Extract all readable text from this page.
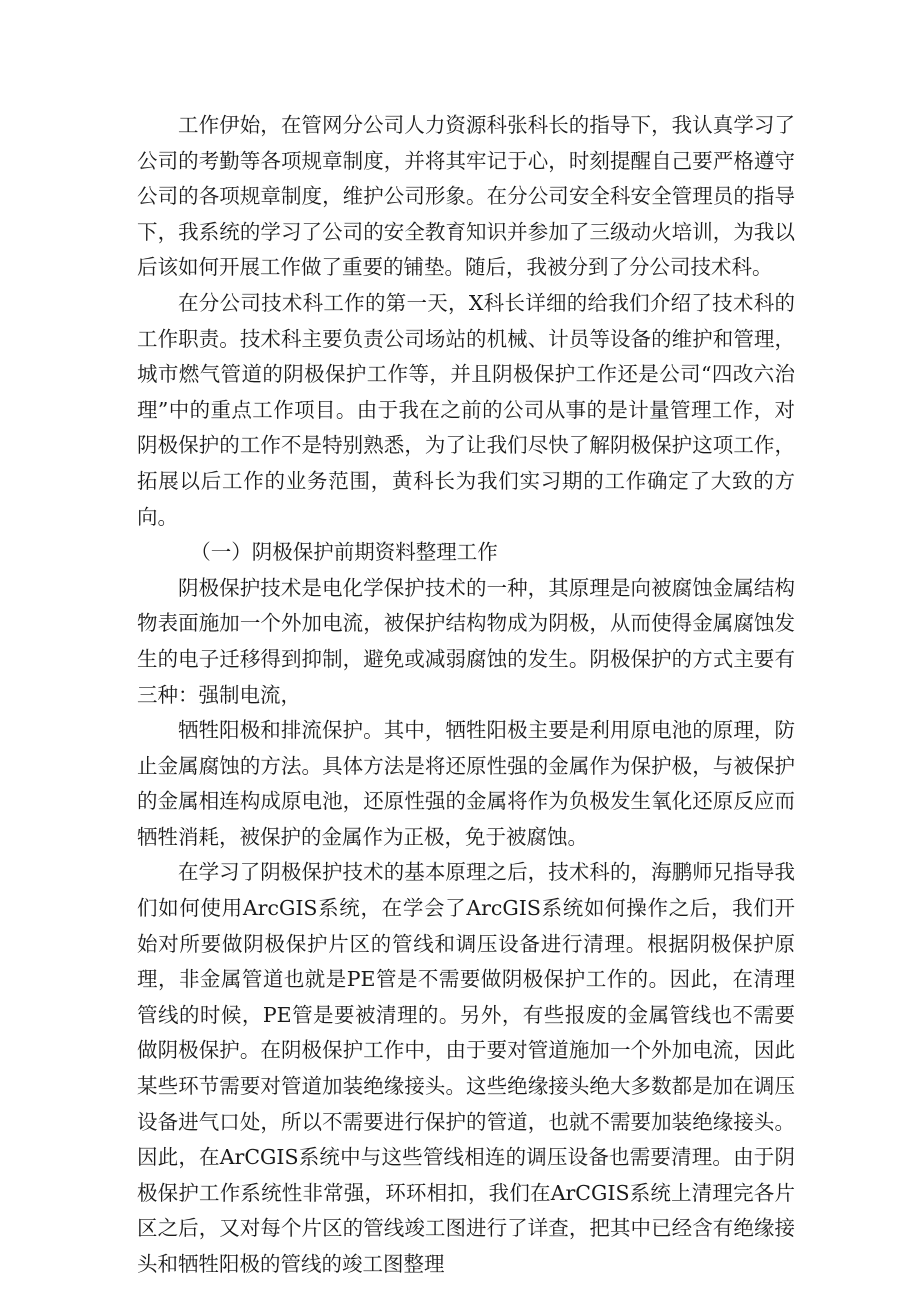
工作伊始，在管网分公司人力资源科张科长的指导下，我认真学习了公司的考勤等各项规章制度，并将其牢记于心，时刻提醒自己要严格遵守公司的各项规章制度，维护公司形象。在分公司安全科安全管理员的指导下，我系统的学习了公司的安全教育知识并参加了三级动火培训，为我以后该如何开展工作做了重要的铺垫。随后，我被分到了分公司技术科。

在分公司技术科工作的第一天，X科长详细的给我们介绍了技术科的工作职责。技术科主要负责公司场站的机械、计员等设备的维护和管理，城市燃气管道的阴极保护工作等，并且阴极保护工作还是公司“四改六治理”中的重点工作项目。由于我在之前的公司从事的是计量管理工作，对阴极保护的工作不是特别熟悉，为了让我们尽快了解阴极保护这项工作，拓展以后工作的业务范围，黄科长为我们实习期的工作确定了大致的方向。

（一）阴极保护前期资料整理工作

阴极保护技术是电化学保护技术的一种，其原理是向被腐蚀金属结构物表面施加一个外加电流，被保护结构物成为阴极，从而使得金属腐蚀发生的电子迁移得到抑制，避免或减弱腐蚀的发生。阴极保护的方式主要有三种：强制电流，

牺牲阳极和排流保护。其中，牺牲阳极主要是利用原电池的原理，防止金属腐蚀的方法。具体方法是将还原性强的金属作为保护极，与被保护的金属相连构成原电池，还原性强的金属将作为负极发生氧化还原反应而牺牲消耗，被保护的金属作为正极，免于被腐蚀。

在学习了阴极保护技术的基本原理之后，技术科的，海鹏师兄指导我们如何使用ArcGIS系统，在学会了ArcGIS系统如何操作之后，我们开始对所要做阴极保护片区的管线和调压设备进行清理。根据阴极保护原理，非金属管道也就是PE管是不需要做阴极保护工作的。因此，在清理管线的时候，PE管是要被清理的。另外，有些报废的金属管线也不需要做阴极保护。在阴极保护工作中，由于要对管道施加一个外加电流，因此某些环节需要对管道加装绝缘接头。这些绝缘接头绝大多数都是加在调压设备进气口处，所以不需要进行保护的管道，也就不需要加装绝缘接头。因此，在ArCGIS系统中与这些管线相连的调压设备也需要清理。由于阴极保护工作系统性非常强，环环相扣，我们在ArCGIS系统上清理完各片区之后，又对每个片区的管线竣工图进行了详查，把其中已经含有绝缘接头和牺牲阳极的管线的竣工图整理
